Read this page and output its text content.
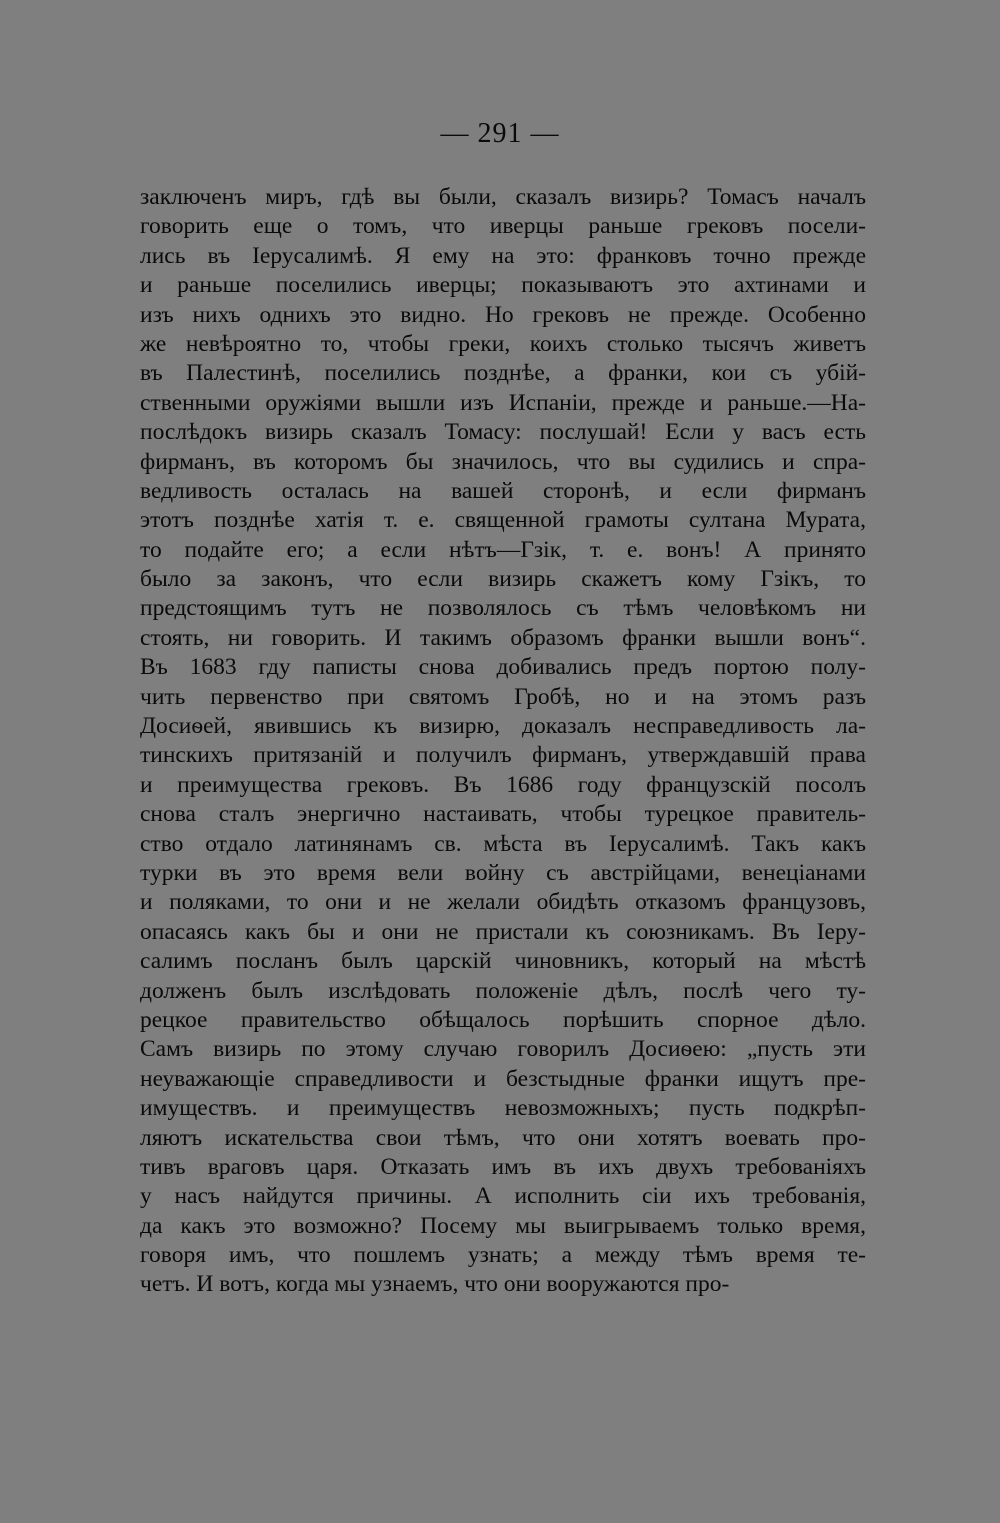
— 291 —
заключенъ миръ, гдѣ вы были, сказалъ визирь? Томасъ началъ
говорить еще о томъ, что иверцы раньше грековъ посели-
лись въ Іерусалимѣ. Я ему на это: франковъ точно прежде
и раньше поселились иверцы; показываютъ это ахтинами и
изъ нихъ однихъ это видно. Но грековъ не прежде. Особенно
же невѣроятно то, чтобы греки, коихъ столько тысячъ живетъ
въ Палестинѣ, поселились позднѣе, а франки, кои съ убій-
ственными оружіями вышли изъ Испаніи, прежде и раньше.—На-
послѣдокъ визирь сказалъ Томасу: послушай! Если у васъ есть
фирманъ, въ которомъ бы значилось, что вы судились и спра-
ведливость осталась на вашей сторонѣ, и если фирманъ
этотъ позднѣе хатія т. е. священной грамоты султана Мурата,
то подайте его; а если нѣтъ—Гзік, т. е. вонъ! А принято
было за законъ, что если визирь скажетъ кому Гзікъ, то
предстоящимъ тутъ не позволялось съ тѣмъ человѣкомъ ни
стоять, ни говорить. И такимъ образомъ франки вышли вонъ“.
Въ 1683 гду паписты снова добивались предъ портою полу-
чить первенство при святомъ Гробѣ, но и на этомъ разъ
Досиѳей, явившись къ визирю, доказалъ несправедливость ла-
тинскихъ притязаній и получилъ фирманъ, утверждавшій права
и преимущества грековъ. Въ 1686 году французскій посолъ
снова сталъ энергично настаивать, чтобы турецкое правитель-
ство отдало латинянамъ св. мѣста въ Іерусалимѣ. Такъ какъ
турки въ это время вели войну съ австрійцами, венеціанами
и поляками, то они и не желали обидѣть отказомъ французовъ,
опасаясь какъ бы и они не пристали къ союзникамъ. Въ Іеру-
салимъ посланъ былъ царскій чиновникъ, который на мѣстѣ
долженъ былъ изслѣдовать положеніе дѣлъ, послѣ чего ту-
рецкое правительство обѣщалось порѣшить спорное дѣло.
Самъ визирь по этому случаю говорилъ Досиѳею: „пусть эти
неуважающіе справедливости и безстыдные франки ищутъ пре-
имуществъ. и преимуществъ невозможныхъ; пусть подкрѣп-
ляютъ искательства свои тѣмъ, что они хотятъ воевать про-
тивъ враговъ царя. Отказать имъ въ ихъ двухъ требованіяхъ
у насъ найдутся причины. А исполнить сіи ихъ требованія,
да какъ это возможно? Посему мы выигрываемъ только время,
говоря имъ, что пошлемъ узнать; а между тѣмъ время те-
четъ. И вотъ, когда мы узнаемъ, что они вооружаются про-
